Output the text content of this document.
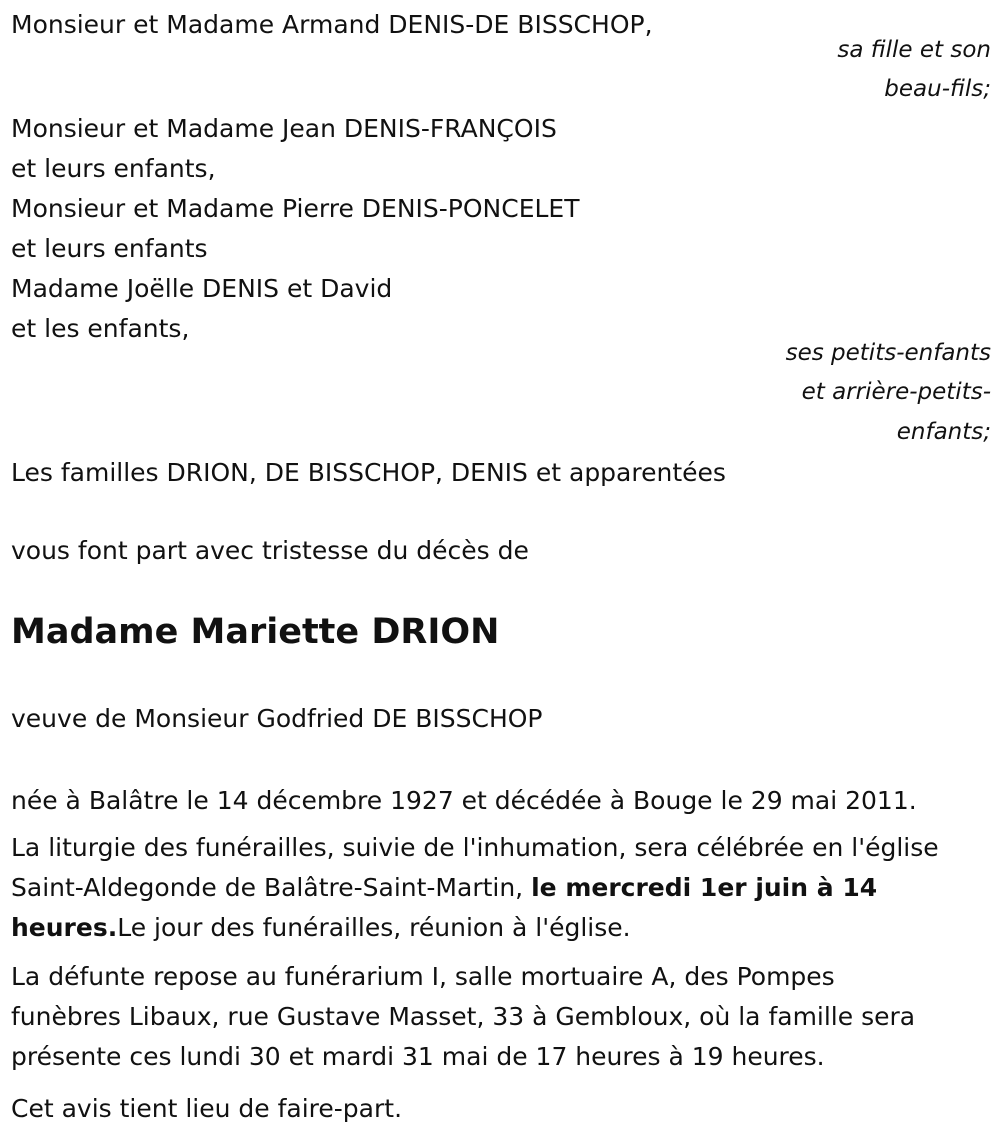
Monsieur et Madame Armand DENIS-DE BISSCHOP,
sa fille et son
beau-fils;
Monsieur et Madame Jean DENIS-FRANÇOIS
et leurs enfants,
Monsieur et Madame Pierre DENIS-PONCELET
et leurs enfants
Madame Joëlle DENIS et David
et les enfants,
ses petits-enfants
et arrière-petits-
enfants;
Les familles DRION, DE BISSCHOP, DENIS et apparentées
vous font part avec tristesse du décès de
Madame Mariette DRION
veuve de Monsieur Godfried DE BISSCHOP
née à Balâtre le 14 décembre 1927 et décédée à Bouge le 29 mai 2011.
La liturgie des funérailles, suivie de l'inhumation, sera célébrée en l'église
Saint-Aldegonde de Balâtre-Saint-Martin, le mercredi 1er juin à 14
heures.Le jour des funérailles, réunion à l'église.
La défunte repose au funérarium I, salle mortuaire A, des Pompes
funèbres Libaux, rue Gustave Masset, 33 à Gembloux, où la famille sera
présente ces lundi 30 et mardi 31 mai de 17 heures à 19 heures.
Cet avis tient lieu de faire-part.
